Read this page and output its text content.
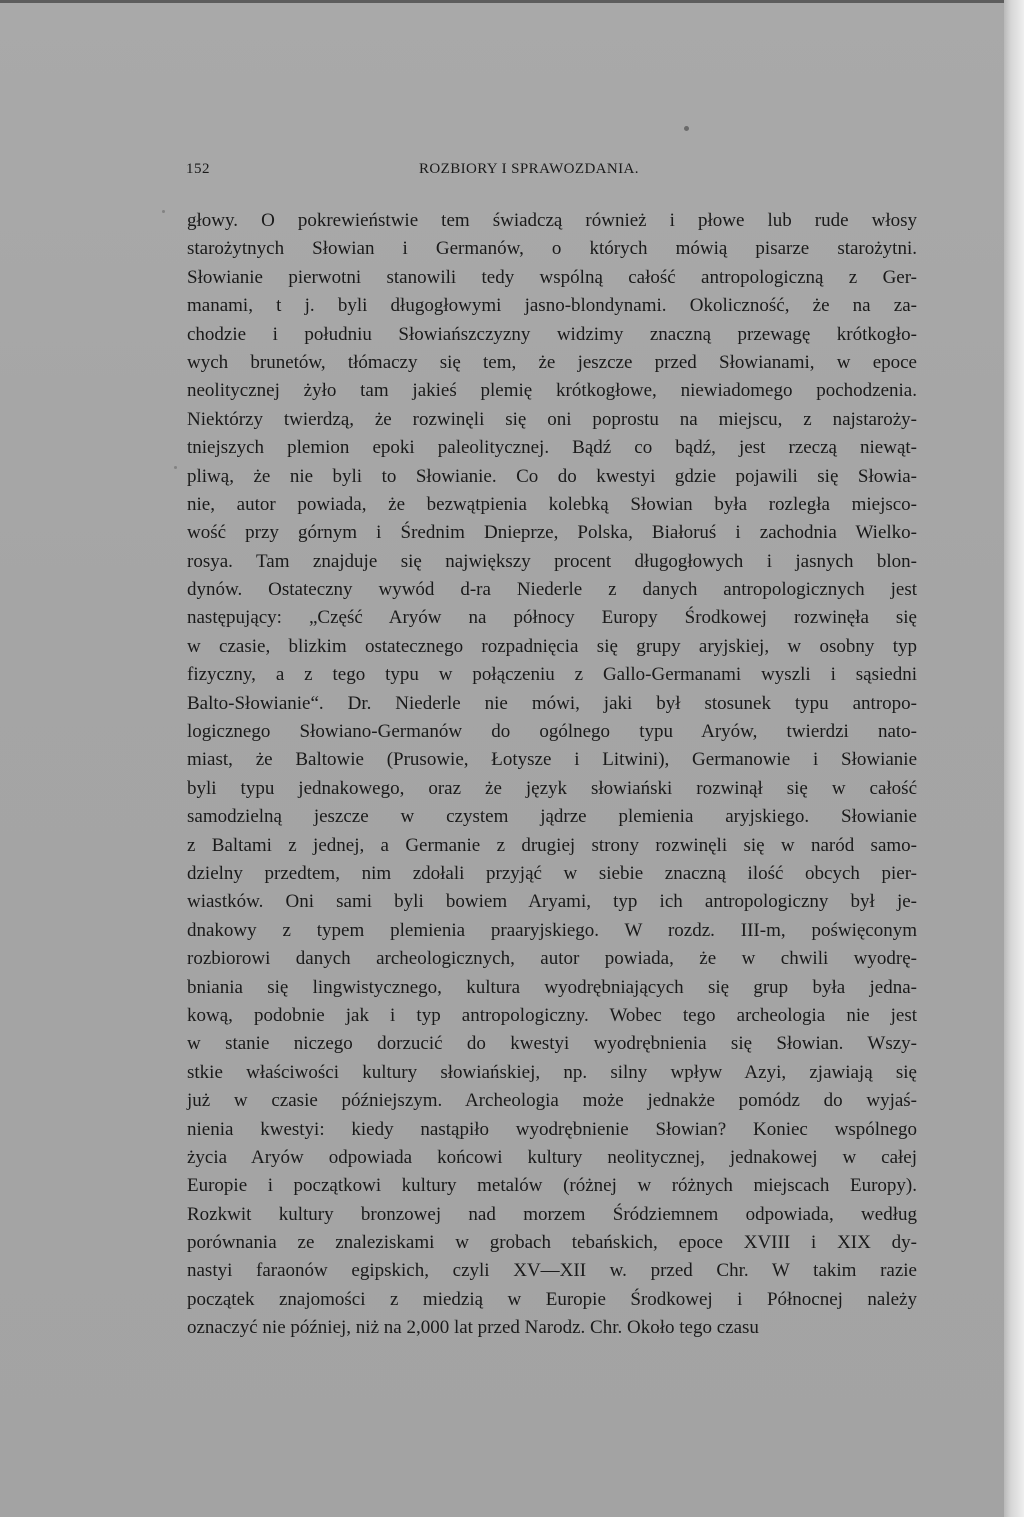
152	ROZBIORY I SPRAWOZDANIA.
głowy. O pokrewieństwie tem świadczą również i płowe lub rude włosy
starożytnych Słowian i Germanów, o których mówią pisarze starożytni.
Słowianie pierwotni stanowili tedy wspólną całość antropologiczną z Ger-
manami, t j. byli długogłowymi jasno-blondynami. Okoliczność, że na za-
chodzie i południu Słowiańszczyzny widzimy znaczną przewagę krótkogło-
wych brunetów, tłómaczy się tem, że jeszcze przed Słowianami, w epoce
neolitycznej żyło tam jakieś plemię krótkogłowe, niewiadomego pochodzenia.
Niektórzy twierdzą, że rozwinęli się oni poprostu na miejscu, z najstaroży-
tniejszych plemion epoki paleolitycznej. Bądź co bądź, jest rzeczą niewąt-
pliwą, że nie byli to Słowianie. Co do kwestyi gdzie pojawili się Słowia-
nie, autor powiada, że bezwątpienia kolebką Słowian była rozległa miejsco-
wość przy górnym i Średnim Dnieprze, Polska, Białoruś i zachodnia Wielko-
rosya. Tam znajduje się największy procent długogłowych i jasnych blon-
dynów. Ostateczny wywód d-ra Niederle z danych antropologicznych jest
następujący: „Część Aryów na północy Europy Środkowej rozwinęła się
w czasie, blizkim ostatecznego rozpadnięcia się grupy aryjskiej, w osobny typ
fizyczny, a z tego typu w połączeniu z Gallo-Germanami wyszli i sąsiedni
Balto-Słowianie“. Dr. Niederle nie mówi, jaki był stosunek typu antropo-
logicznego Słowiano-Germanów do ogólnego typu Aryów, twierdzi nato-
miast, że Baltowie (Prusowie, Łotysze i Litwini), Germanowie i Słowianie
byli typu jednakowego, oraz że język słowiański rozwinął się w całość
samodzielną jeszcze w czystem jądrze plemienia aryjskiego. Słowianie
z Baltami z jednej, a Germanie z drugiej strony rozwinęli się w naród samo-
dzielny przedtem, nim zdołali przyjąć w siebie znaczną ilość obcych pier-
wiastków. Oni sami byli bowiem Aryami, typ ich antropologiczny był je-
dnakowy z typem plemienia praaryjskiego. W rozdz. III-m, poświęconym
rozbiorowi danych archeologicznych, autor powiada, że w chwili wyodrę-
bniania się lingwistycznego, kultura wyodrębniających się grup była jedna-
kową, podobnie jak i typ antropologiczny. Wobec tego archeologia nie jest
w stanie niczego dorzucić do kwestyi wyodrębnienia się Słowian. Wszy-
stkie właściwości kultury słowiańskiej, np. silny wpływ Azyi, zjawiają się
już w czasie późniejszym. Archeologia może jednakże pomódz do wyjaś-
nienia kwestyi: kiedy nastąpiło wyodrębnienie Słowian? Koniec wspólnego
życia Aryów odpowiada końcowi kultury neolitycznej, jednakowej w całej
Europie i początkowi kultury metalów (różnej w różnych miejscach Europy).
Rozkwit kultury bronzowej nad morzem Śródziemnem odpowiada, według
porównania ze znaleziskami w grobach tebańskich, epoce XVIII i XIX dy-
nastyi faraonów egipskich, czyli XV—XII w. przed Chr. W takim razie
początek znajomości z miedzią w Europie Środkowej i Północnej należy
oznaczyć nie później, niż na 2,000 lat przed Narodz. Chr. Około tego czasu
